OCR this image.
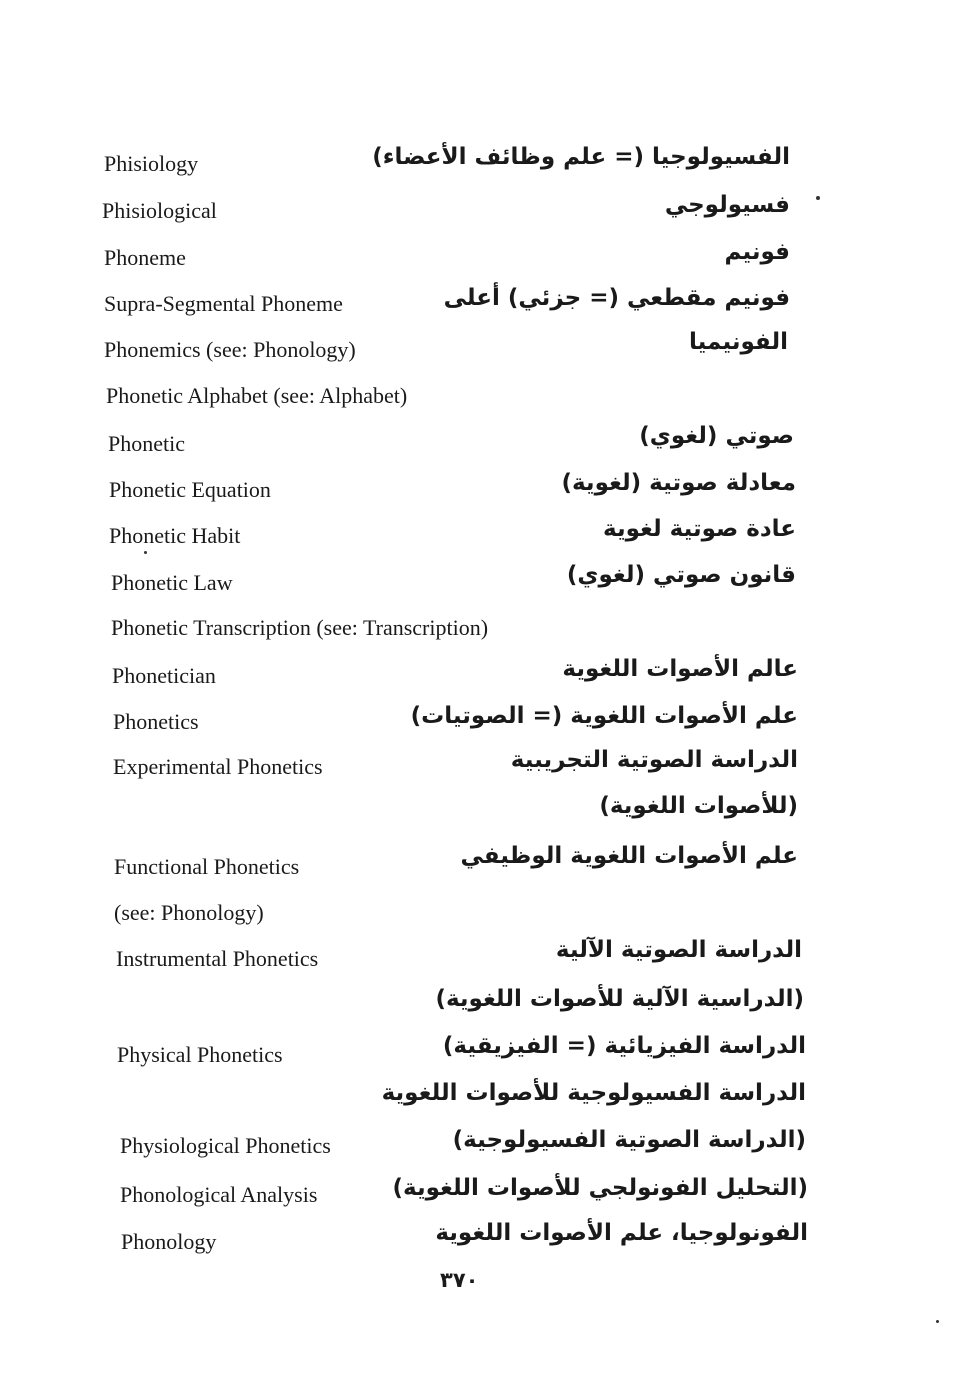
Phisiology	الفسيولوجيا (= علم وظائف الأعضاء)
Phisiological	فسيولوجي
Phoneme	فونيم
Supra-Segmental Phoneme	فونيم مقطعي (= جزئي) أعلى
Phonemics (see: Phonology)	الفونيميا
Phonetic Alphabet (see: Alphabet)
Phonetic	صوتي (لغوي)
Phonetic Equation	معادلة صوتية (لغوية)
Phonetic Habit	عادة صوتية لغوية
Phonetic Law	قانون صوتي (لغوي)
Phonetic Transcription (see: Transcription)
Phonetician	عالم الأصوات اللغوية
Phonetics	علم الأصوات اللغوية (= الصوتيات)
Experimental Phonetics	الدراسة الصوتية التجريبية
(للأصوات اللغوية)
Functional Phonetics	علم الأصوات اللغوية الوظيفي
(see: Phonology)
Instrumental Phonetics	الدراسة الصوتية الآلية
(الدراسية الآلية للأصوات اللغوية)
Physical Phonetics	الدراسة الفيزيائية (= الفيزيقية)
الدراسة الفسيولوجية للأصوات اللغوية
Physiological Phonetics	(الدراسة الصوتية الفسيولوجية)
Phonological Analysis	(التحليل الفونولجي للأصوات اللغوية)
Phonology	الفونولوجيا، علم الأصوات اللغوية
٣٧٠
